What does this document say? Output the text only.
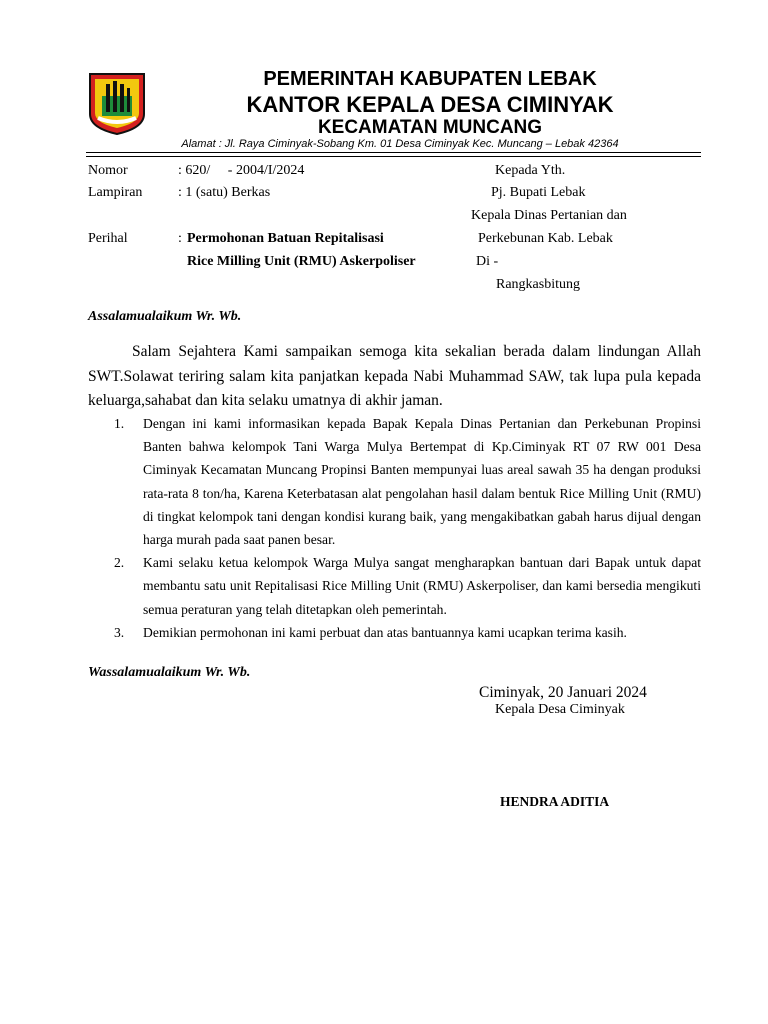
PEMERINTAH KABUPATEN LEBAK
KANTOR KEPALA DESA CIMINYAK
KECAMATAN MUNCANG
Alamat : Jl. Raya Ciminyak-Sobang Km. 01 Desa Ciminyak Kec. Muncang – Lebak 42364
Nomor	: 620/     - 2004/I/2024
Lampiran	: 1 (satu) Berkas
Perihal	: Permohonan Batuan Repitalisasi
Rice Milling Unit (RMU) Askerpoliser
Kepada Yth.
Pj. Bupati Lebak
Kepala Dinas Pertanian dan
Perkebunan Kab. Lebak
Di -
Rangkasbitung
Assalamualaikum Wr. Wb.
Salam Sejahtera Kami sampaikan semoga kita sekalian berada dalam lindungan Allah SWT.Solawat teriring salam kita panjatkan kepada Nabi Muhammad SAW, tak lupa pula kepada keluarga,sahabat dan kita selaku umatnya di akhir jaman.
1. Dengan ini kami informasikan kepada Bapak Kepala Dinas Pertanian dan Perkebunan Propinsi Banten bahwa kelompok Tani Warga Mulya Bertempat di Kp.Ciminyak RT 07 RW 001 Desa Ciminyak Kecamatan Muncang Propinsi Banten mempunyai luas areal sawah 35 ha dengan produksi rata-rata 8 ton/ha, Karena Keterbatasan alat pengolahan hasil dalam bentuk Rice Milling Unit (RMU) di tingkat kelompok tani dengan kondisi kurang baik, yang mengakibatkan gabah harus dijual dengan harga murah pada saat panen besar.
2. Kami selaku ketua kelompok Warga Mulya sangat mengharapkan bantuan dari Bapak untuk dapat membantu satu unit Repitalisasi Rice Milling Unit (RMU) Askerpoliser, dan kami bersedia mengikuti semua peraturan yang telah ditetapkan oleh pemerintah.
3. Demikian permohonan ini kami perbuat dan atas bantuannya kami ucapkan terima kasih.
Wassalamualaikum Wr. Wb.
Ciminyak, 20 Januari 2024
Kepala Desa Ciminyak
HENDRA ADITIA
